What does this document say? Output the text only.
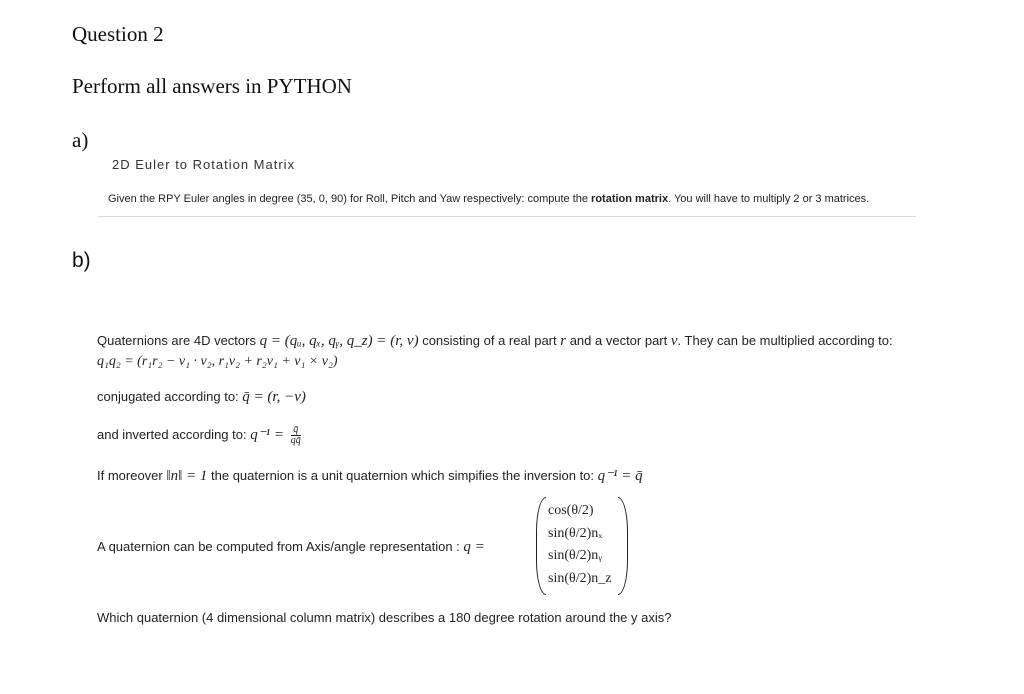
Question 2
Perform all answers in PYTHON
a)
2D Euler to Rotation Matrix
Given the RPY Euler angles in degree (35, 0, 90) for Roll, Pitch and Yaw respectively: compute the rotation matrix. You will have to multiply 2 or 3 matrices.
b)
Quaternions are 4D vectors q = (qᵤ, qₓ, qᵧ, q_z) = (r, v) consisting of a real part r and a vector part v. They can be multiplied according to:
q₁q₂ = (r₁r₂ − v₁ · v₂, r₁v₂ + r₂v₁ + v₁ × v₂)
conjugated according to: q̄ = (r, −v)
and inverted according to: $q^{-1} = \frac{q̄}{qq̄}$
If moreover ‖n‖ = 1 the quaternion is a unit quaternion which simpifies the inversion to: q⁻¹ = q̄
A quaternion can be computed from Axis/angle representation : q =
cos(θ/2)
sin(θ/2)nₓ
sin(θ/2)nᵧ
sin(θ/2)n_z
Which quaternion (4 dimensional column matrix) describes a 180 degree rotation around the y axis?
